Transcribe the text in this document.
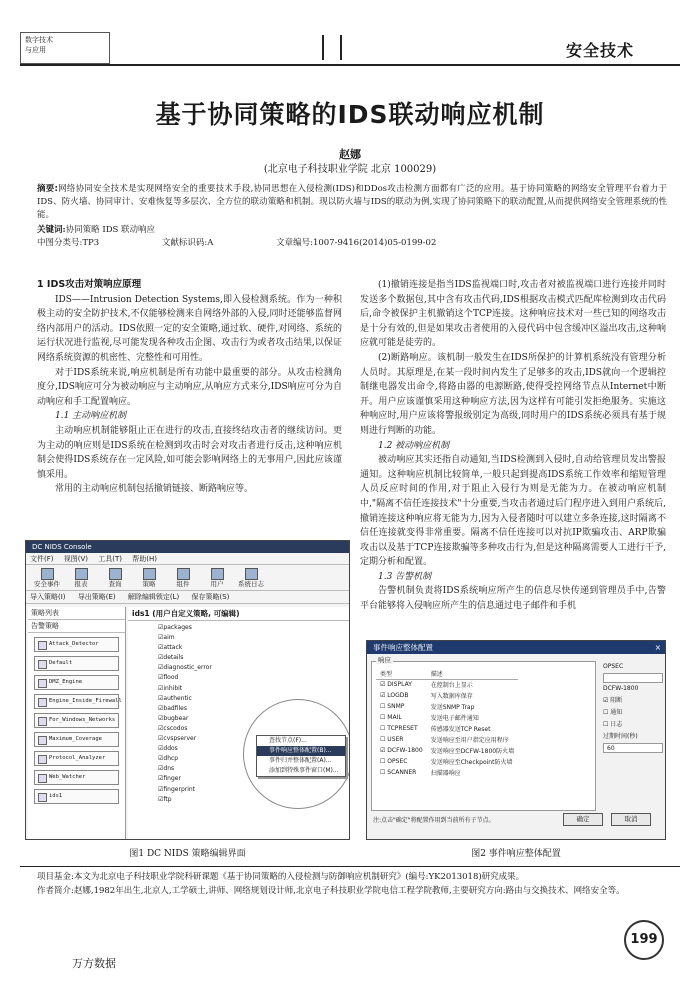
数字技术
与应用	安全技术
基于协同策略的IDS联动响应机制
赵娜
(北京电子科技职业学院 北京 100029)
摘要:网络协同安全技术是实现网络安全的重要技术手段,协同思想在入侵检测(IDS)和DDos攻击检测方面都有广泛的应用。基于协同策略的网络安全管理平台着力于IDS、防火墙、协同审计、安难恢复等多层次、全方位的联动策略和机制。现以防火墙与IDS的联动为例,实现了协同策略下的联动配置,从而提供网络安全管理系统的性能。
关键词:协同策略 IDS 联动响应
中图分类号:TP3	文献标识码:A	文章编号:1007-9416(2014)05-0199-02

1 IDS攻击对策响应原理

IDS——Intrusion Detection Systems,即入侵检测系统。作为一种积极主动的安全防护技术,不仅能够检测来自网络外部的入侵,同时还能够监督网络内部用户的活动。IDS依照一定的安全策略,通过软、硬件,对网络、系统的运行状况进行监视,尽可能发现各种攻击企图、攻击行为或者攻击结果,以保证网络系统资源的机密性、完整性和可用性。

对于IDS系统来说,响应机制是所有功能中最重要的部分。从攻击检测角度分,IDS响应可分为被动响应与主动响应,从响应方式来分,IDS响应可分为自动响应和手工配置响应。

1.1 主动响应机制

主动响应机制能够阻止正在进行的攻击,直接终结攻击者的继续访问。更为主动的响应则是IDS系统在检测到攻击时会对攻击者进行反击,这种响应机制会使得IDS系统存在一定风险,如可能会影响网络上的无事用户,因此应该谨慎采用。

常用的主动响应机制包括撤销链接、断路响应等。

(1)撤销连接是指当IDS监视端口时,攻击者对被监视端口进行连接并同时发送多个数据包,其中含有攻击代码,IDS根据攻击模式匹配库检测到攻击代码后,命令被保护主机撤销这个TCP连接。这种响应技术对一些已知的网络攻击是十分有效的,但是如果攻击者使用的入侵代码中包含缓冲区溢出攻击,这种响应就可能是徒劳的。

(2)断路响应。该机制一般发生在IDS所保护的计算机系统没有管理分析人员时。其原理是,在某一段时间内发生了足够多的攻击,IDS就向一个逻辑控制继电器发出命令,将路由器的电源断路,使得受控网络节点从Internet中断开。用户应该谨慎采用这种响应方法,因为这样有可能引发拒绝服务。实施这种响应时,用户应该将警报级别定为高级,同时用户的IDS系统必须具有基于规则进行判断的功能。

1.2 被动响应机制

被动响应其实还指自动通知,当IDS检测到入侵时,自动给管理员发出警报通知。这种响应机制比较简单,一般只起到提高IDS系统工作效率和缩短管理人员反应时间的作用,对于阻止入侵行为则是无能为力。在被动响应机制中,"隔离不信任连接技术"十分重要,当攻击者通过后门程序进入到用户系统后,撤销连接这种响应将无能为力,因为入侵者随时可以建立多条连接,这时隔离不信任连接就变得非常重要。隔离不信任连接可以对抗IP欺骗攻击、ARP欺骗攻击以及基于TCP连接欺骗等多种攻击行为,但是这种隔离需要人工进行干予,定期分析和配置。

1.3 告警机制

告警机制负责将IDS系统响应所产生的信息尽快传递到管理员手中,告警平台能够将入侵响应所产生的信息通过电子邮件和手机

DC NIDS Console
文件(F) 视图(V) 工具(T) 帮助(H)
安全事件	报表	查询	策略	组件	用户	系统日志
导入策略(I) 导出策略(E) 解除编辑锁定(L) 保存策略(S)
策略列表
告警策略
Attack_Detector
Default
DMZ_Engine
Engine_Inside_Firewall
For_Windows_Networks
Maximum_Coverage
Protocol_Analyzer
Web_Watcher
ids1
ids1 (用户自定义策略, 可编辑)
☑ packages
☑ aim
☑ attack
☑ details
☑ diagnostic_error
☑ flood
☑ inhibit
☑ authentic
☑ badfiles
☑ bugbear
☑ cscodos
☑ cvspserver
☑ ddos
☑ dhcp
☑ dns
☑ finger
☑ fingerprint
☑ ftp
查找节点(F)...
事件响应整体配置(B)...
事件归并整体配置(A)...
添加到特殊事件窗口(M)...
图1 DC NIDS 策略编辑界面
事件响应整体配置	×
响应
类型	描述
☑ DISPLAY	在控制台上显示
☑ LOGDB	写入数据库保存
☐ SNMP	发送SNMP Trap
☐ MAIL	发送电子邮件通知
☐ TCPRESET	传感器发送TCP Reset
☐ USER	发送响应至用户指定应用程序
☑ DCFW-1800	发送响应至DCFW-1800防火墙
☐ OPSEC	发送响应至Checkpoint防火墙
☐ SCANNER	扫描器响应
OPSEC
DCFW-1800
☑ 阻断
☐ 通知
☐ 日志
过期时间(秒)
60
注:点击"确定"将配置作用到当前所有子节点。	确定	取消
图2 事件响应整体配置
项目基金:本文为北京电子科技职业学院科研课题《基于协同策略的入侵检测与防御响应机制研究》(编号:YK2013018)研究成果。
作者简介:赵娜,1982年出生,北京人,工学硕士,讲师、网络规划设计师,北京电子科技职业学院电信工程学院教师,主要研究方向:路由与交换技术、网络安全等。
199
万方数据
